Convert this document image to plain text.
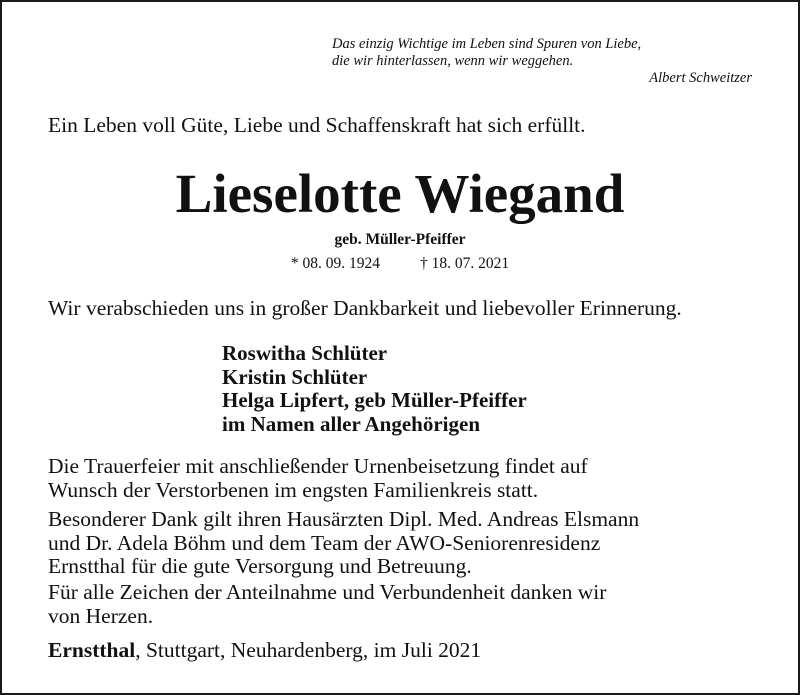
Das einzig Wichtige im Leben sind Spuren von Liebe,
die wir hinterlassen, wenn wir weggehen.
Albert Schweitzer
Ein Leben voll Güte, Liebe und Schaffenskraft hat sich erfüllt.
Lieselotte Wiegand
geb. Müller-Pfeiffer
* 08. 09. 1924	† 18. 07. 2021
Wir verabschieden uns in großer Dankbarkeit und liebevoller Erinnerung.
Roswitha Schlüter
Kristin Schlüter
Helga Lipfert, geb Müller-Pfeiffer
im Namen aller Angehörigen
Die Trauerfeier mit anschließender Urnenbeisetzung findet auf
Wunsch der Verstorbenen im engsten Familienkreis statt.
Besonderer Dank gilt ihren Hausärzten Dipl. Med. Andreas Elsmann
und Dr. Adela Böhm und dem Team der AWO-Seniorenresidenz
Ernstthal für die gute Versorgung und Betreuung.
Für alle Zeichen der Anteilnahme und Verbundenheit danken wir
von Herzen.
Ernstthal, Stuttgart, Neuhardenberg, im Juli 2021
